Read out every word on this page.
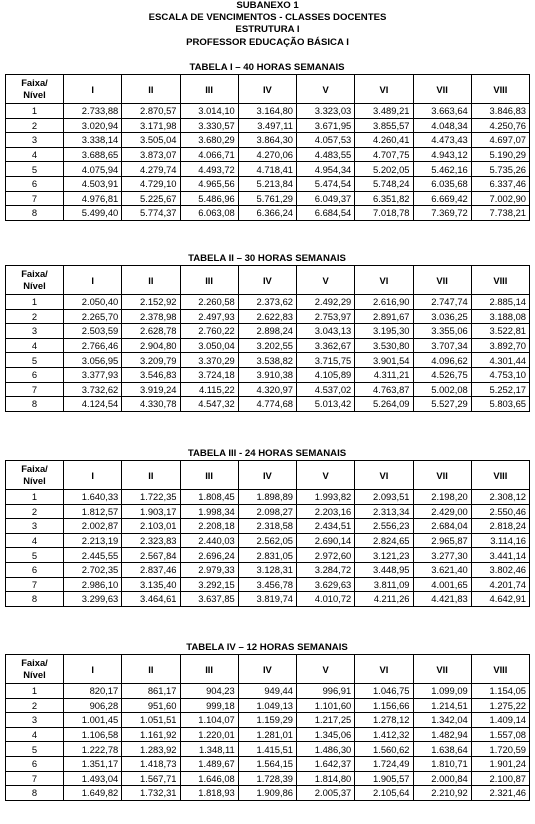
SUBANEXO 1
ESCALA DE VENCIMENTOS - CLASSES DOCENTES
ESTRUTURA I
PROFESSOR EDUCAÇÃO BÁSICA I
TABELA I – 40 HORAS SEMANAIS
Faixa/
Nível	I	II	III	IV	V	VI	VII	VIII
1	2.733,88	2.870,57	3.014,10	3.164,80	3.323,03	3.489,21	3.663,64	3.846,83
2	3.020,94	3.171,98	3.330,57	3.497,11	3.671,95	3.855,57	4.048,34	4.250,76
3	3.338,14	3.505,04	3.680,29	3.864,30	4.057,53	4.260,41	4.473,43	4.697,07
4	3.688,65	3.873,07	4.066,71	4.270,06	4.483,55	4.707,75	4.943,12	5.190,29
5	4.075,94	4.279,74	4.493,72	4.718,41	4.954,34	5.202,05	5.462,16	5.735,26
6	4.503,91	4.729,10	4.965,56	5.213,84	5.474,54	5.748,24	6.035,68	6.337,46
7	4.976,81	5.225,67	5.486,96	5.761,29	6.049,37	6.351,82	6.669,42	7.002,90
8	5.499,40	5.774,37	6.063,08	6.366,24	6.684,54	7.018,78	7.369,72	7.738,21
TABELA II – 30 HORAS SEMANAIS
Faixa/
Nível	I	II	III	IV	V	VI	VII	VIII
1	2.050,40	2.152,92	2.260,58	2.373,62	2.492,29	2.616,90	2.747,74	2.885,14
2	2.265,70	2.378,98	2.497,93	2.622,83	2.753,97	2.891,67	3.036,25	3.188,08
3	2.503,59	2.628,78	2.760,22	2.898,24	3.043,13	3.195,30	3.355,06	3.522,81
4	2.766,46	2.904,80	3.050,04	3.202,55	3.362,67	3.530,80	3.707,34	3.892,70
5	3.056,95	3.209,79	3.370,29	3.538,82	3.715,75	3.901,54	4.096,62	4.301,44
6	3.377,93	3.546,83	3.724,18	3.910,38	4.105,89	4.311,21	4.526,75	4.753,10
7	3.732,62	3.919,24	4.115,22	4.320,97	4.537,02	4.763,87	5.002,08	5.252,17
8	4.124,54	4.330,78	4.547,32	4.774,68	5.013,42	5.264,09	5.527,29	5.803,65
TABELA III - 24 HORAS SEMANAIS
Faixa/
Nível	I	II	III	IV	V	VI	VII	VIII
1	1.640,33	1.722,35	1.808,45	1.898,89	1.993,82	2.093,51	2.198,20	2.308,12
2	1.812,57	1.903,17	1.998,34	2.098,27	2.203,16	2.313,34	2.429,00	2.550,46
3	2.002,87	2.103,01	2.208,18	2.318,58	2.434,51	2.556,23	2.684,04	2.818,24
4	2.213,19	2.323,83	2.440,03	2.562,05	2.690,14	2.824,65	2.965,87	3.114,16
5	2.445,55	2.567,84	2.696,24	2.831,05	2.972,60	3.121,23	3.277,30	3.441,14
6	2.702,35	2.837,46	2.979,33	3.128,31	3.284,72	3.448,95	3.621,40	3.802,46
7	2.986,10	3.135,40	3.292,15	3.456,78	3.629,63	3.811,09	4.001,65	4.201,74
8	3.299,63	3.464,61	3.637,85	3.819,74	4.010,72	4.211,26	4.421,83	4.642,91
TABELA IV – 12 HORAS SEMANAIS
Faixa/
Nível	I	II	III	IV	V	VI	VII	VIII
1	820,17	861,17	904,23	949,44	996,91	1.046,75	1.099,09	1.154,05
2	906,28	951,60	999,18	1.049,13	1.101,60	1.156,66	1.214,51	1.275,22
3	1.001,45	1.051,51	1.104,07	1.159,29	1.217,25	1.278,12	1.342,04	1.409,14
4	1.106,58	1.161,92	1.220,01	1.281,01	1.345,06	1.412,32	1.482,94	1.557,08
5	1.222,78	1.283,92	1.348,11	1.415,51	1.486,30	1.560,62	1.638,64	1.720,59
6	1.351,17	1.418,73	1.489,67	1.564,15	1.642,37	1.724,49	1.810,71	1.901,24
7	1.493,04	1.567,71	1.646,08	1.728,39	1.814,80	1.905,57	2.000,84	2.100,87
8	1.649,82	1.732,31	1.818,93	1.909,86	2.005,37	2.105,64	2.210,92	2.321,46
